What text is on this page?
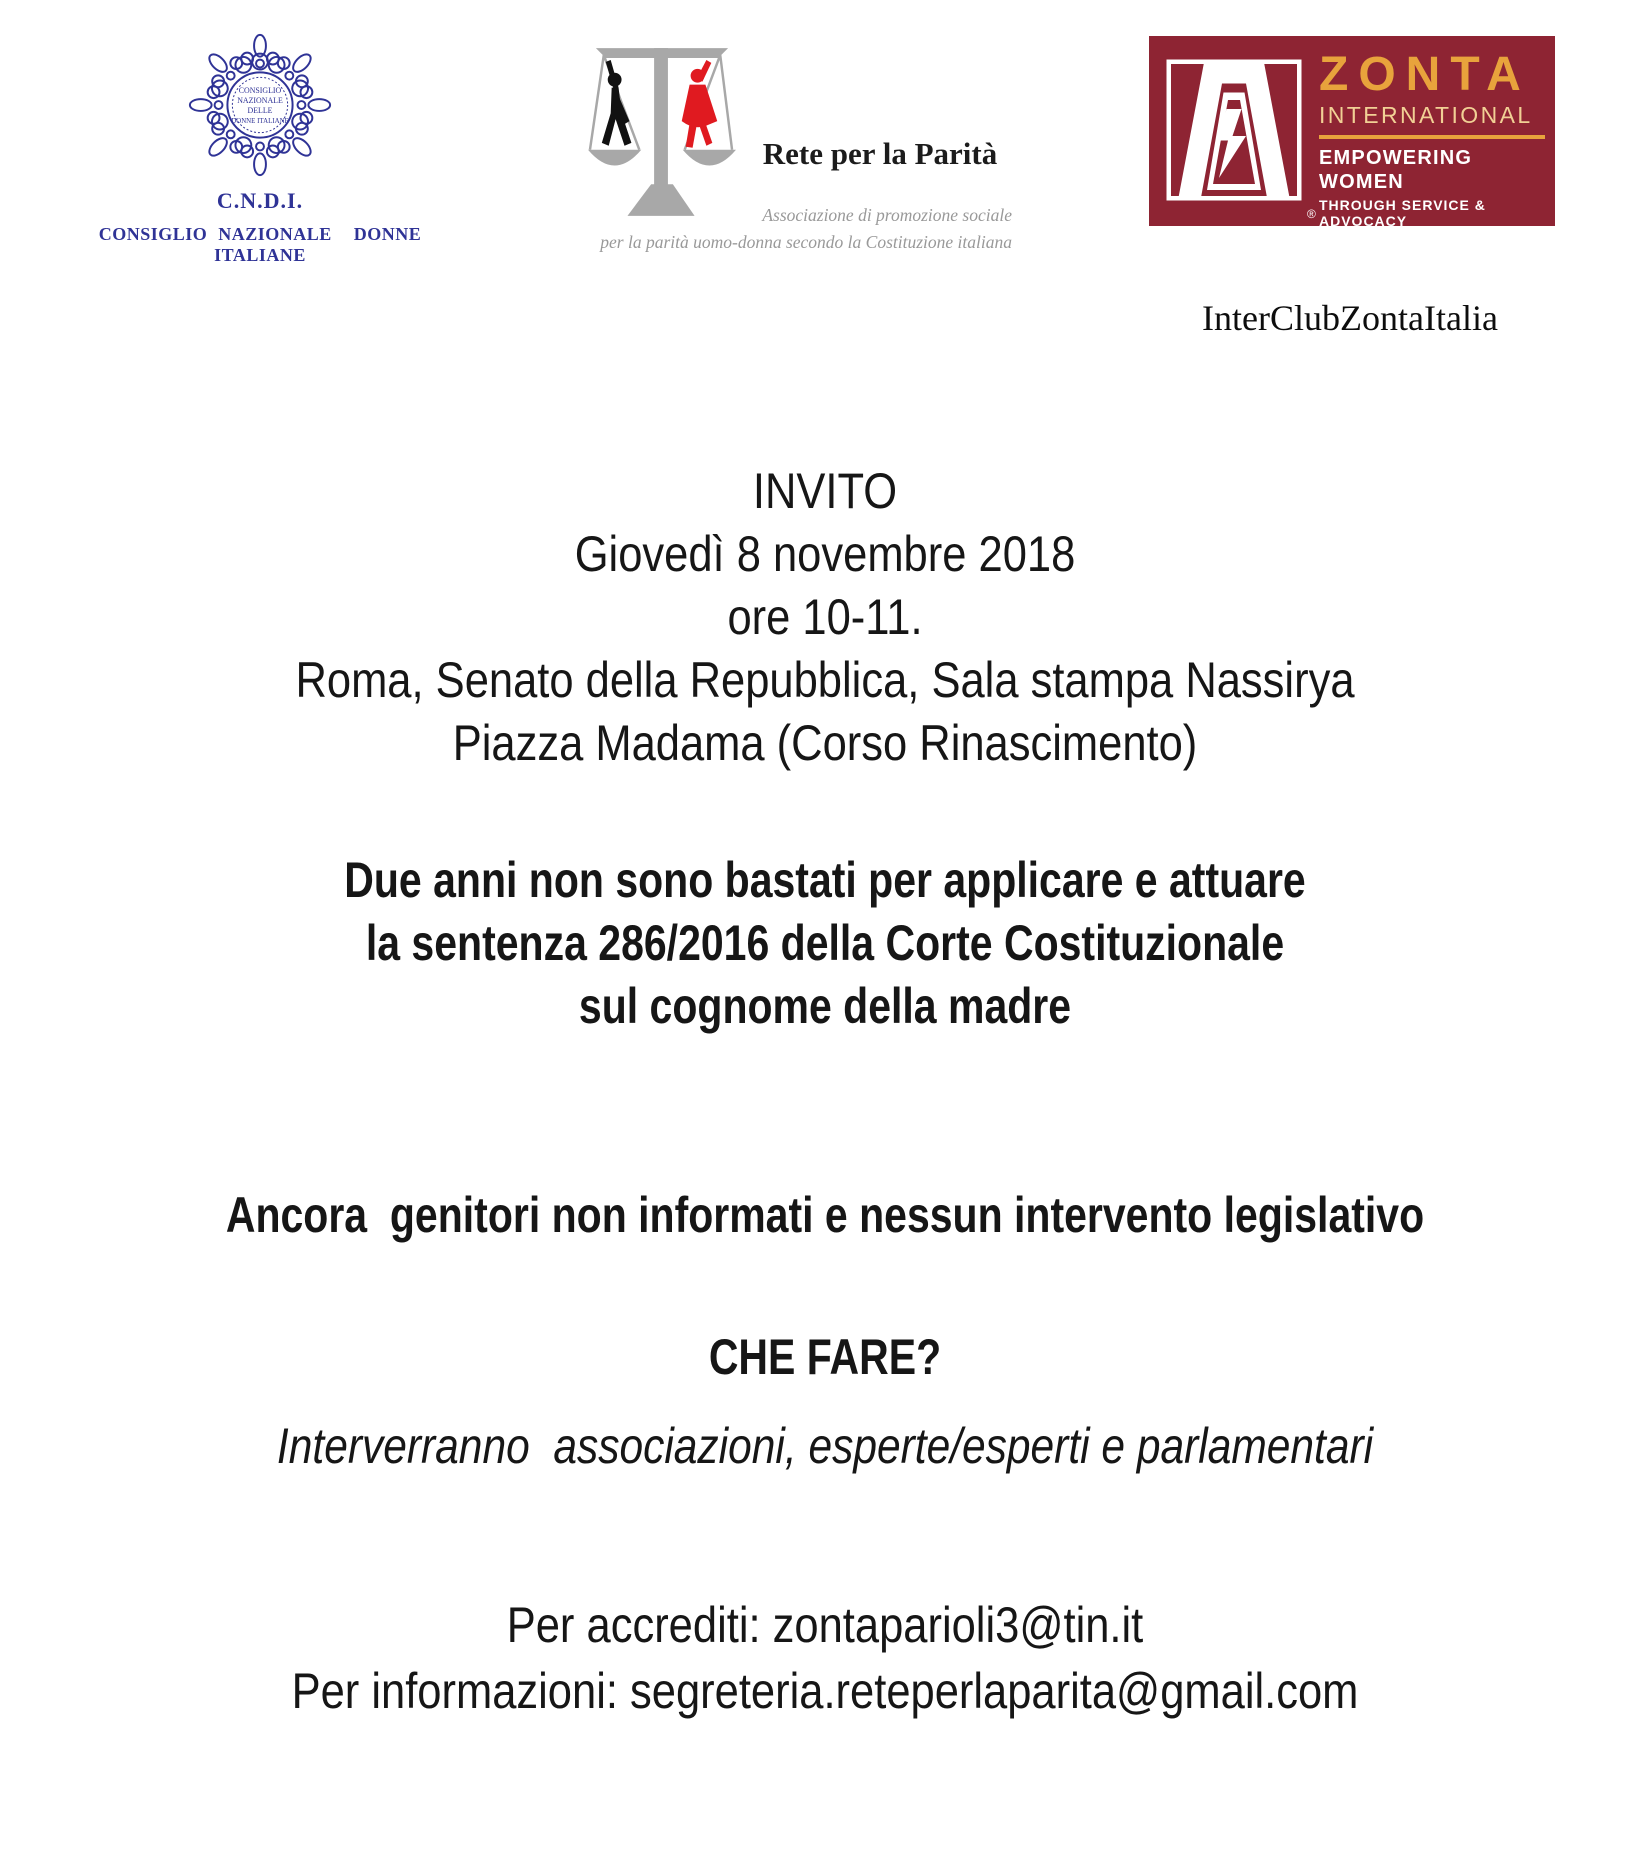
CONSIGLIO
NAZIONALE
DELLE
DONNE ITALIANE
C.N.D.I.
CONSIGLIO NAZIONALE  DONNE  ITALIANE
Rete per la Parità
Associazione di promozione sociale
per la parità uomo-donna secondo la Costituzione italiana
®
ZONTA
INTERNATIONAL
EMPOWERING WOMEN
THROUGH SERVICE & ADVOCACY
InterClubZontaItalia
INVITO
Giovedì 8 novembre 2018
ore 10-11.
Roma, Senato della Repubblica, Sala stampa Nassirya
Piazza Madama (Corso Rinascimento)
Due anni non sono bastati per applicare e attuare
la sentenza 286/2016 della Corte Costituzionale
sul cognome della madre
Ancora  genitori non informati e nessun intervento legislativo
CHE FARE?
Interverranno  associazioni, esperte/esperti e parlamentari
Per accrediti: zontaparioli3@tin.it
Per informazioni: segreteria.reteperlaparita@gmail.com
